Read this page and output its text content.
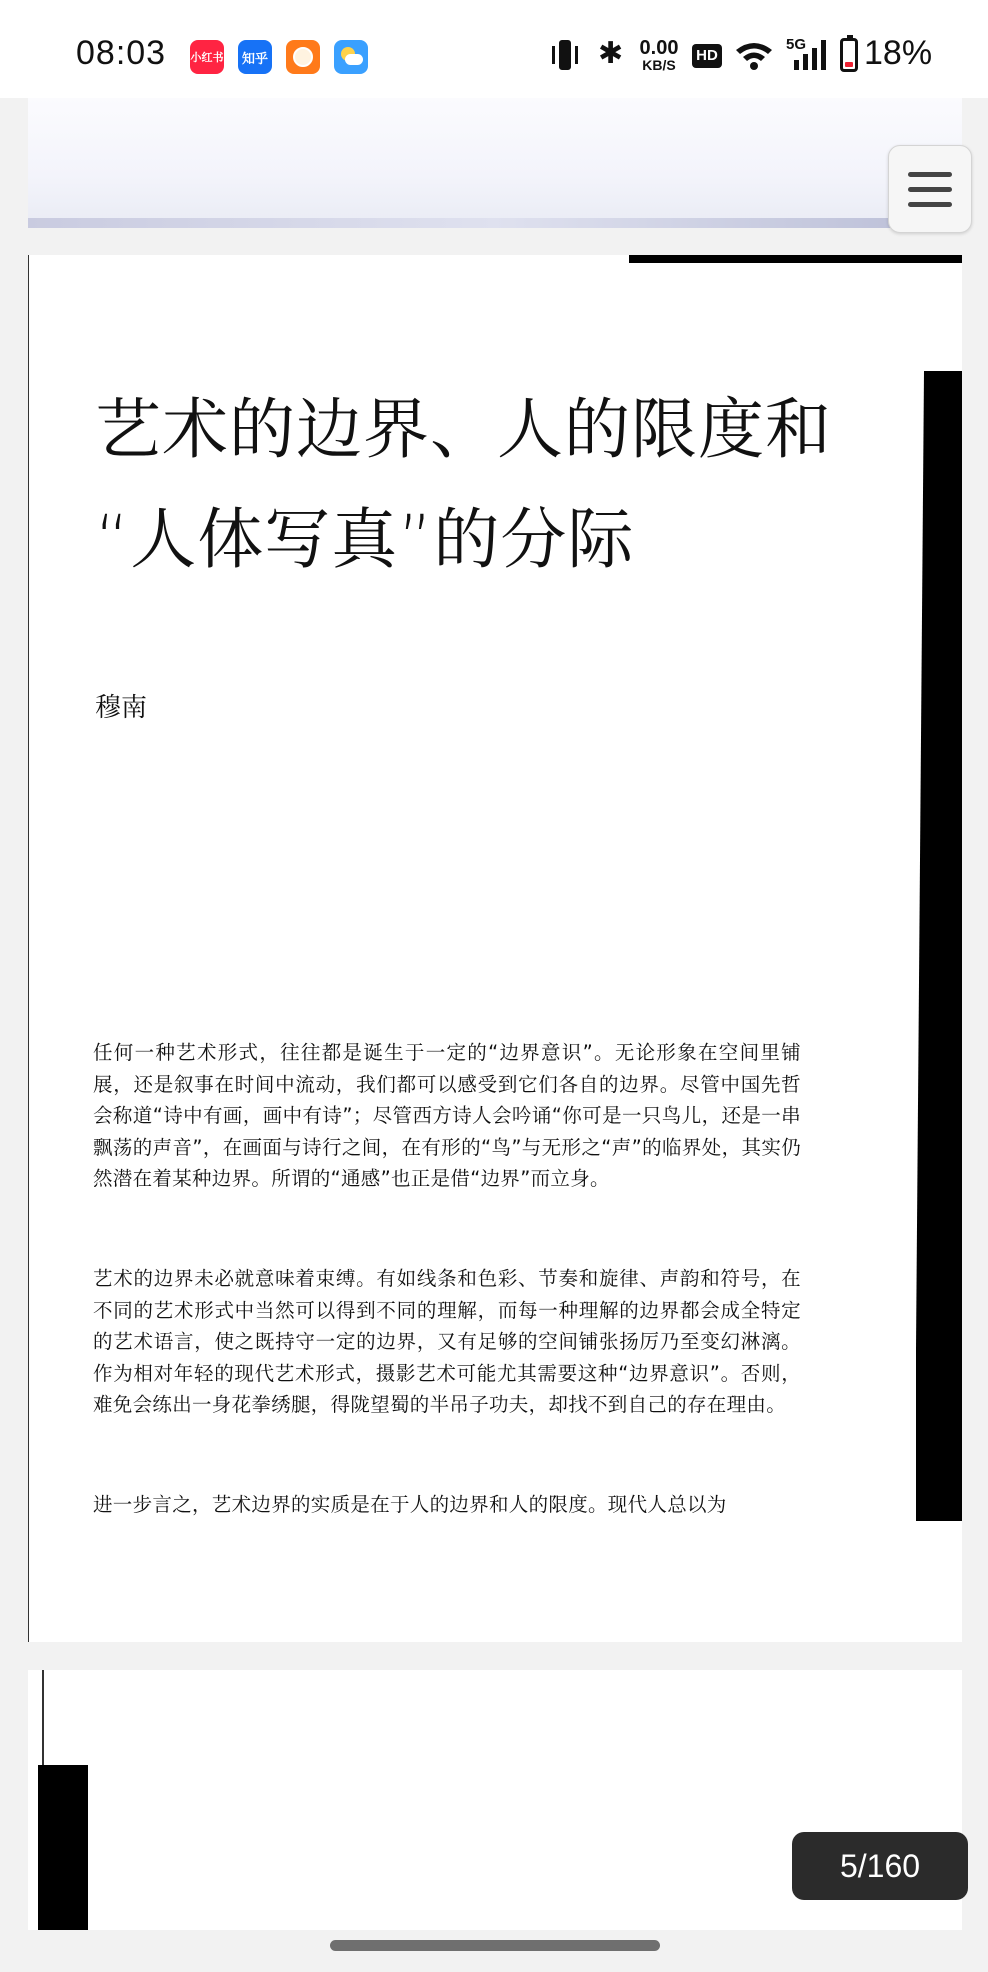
08:03 小红书 知乎	✱ 0.00
KB/S
HD
5G 18%
艺术的边界、人的限度和
“人体写真”的分际
穆南

任何一种艺术形式，往往都是诞生于一定的“边界意识”。无论形象在空间里铺展，还是叙事在时间中流动，我们都可以感受到它们各自的边界。尽管中国先哲会称道“诗中有画，画中有诗”；尽管西方诗人会吟诵“你可是一只鸟儿，还是一串飘荡的声音”，在画面与诗行之间，在有形的“鸟”与无形之“声”的临界处，其实仍然潜在着某种边界。所谓的“通感”也正是借“边界”而立身。

艺术的边界未必就意味着束缚。有如线条和色彩、节奏和旋律、声韵和符号，在不同的艺术形式中当然可以得到不同的理解，而每一种理解的边界都会成全特定的艺术语言，使之既持守一定的边界，又有足够的空间铺张扬厉乃至变幻淋漓。作为相对年轻的现代艺术形式，摄影艺术可能尤其需要这种“边界意识”。否则，难免会练出一身花拳绣腿，得陇望蜀的半吊子功夫，却找不到自己的存在理由。

进一步言之，艺术边界的实质是在于人的边界和人的限度。现代人总以为

5/160
